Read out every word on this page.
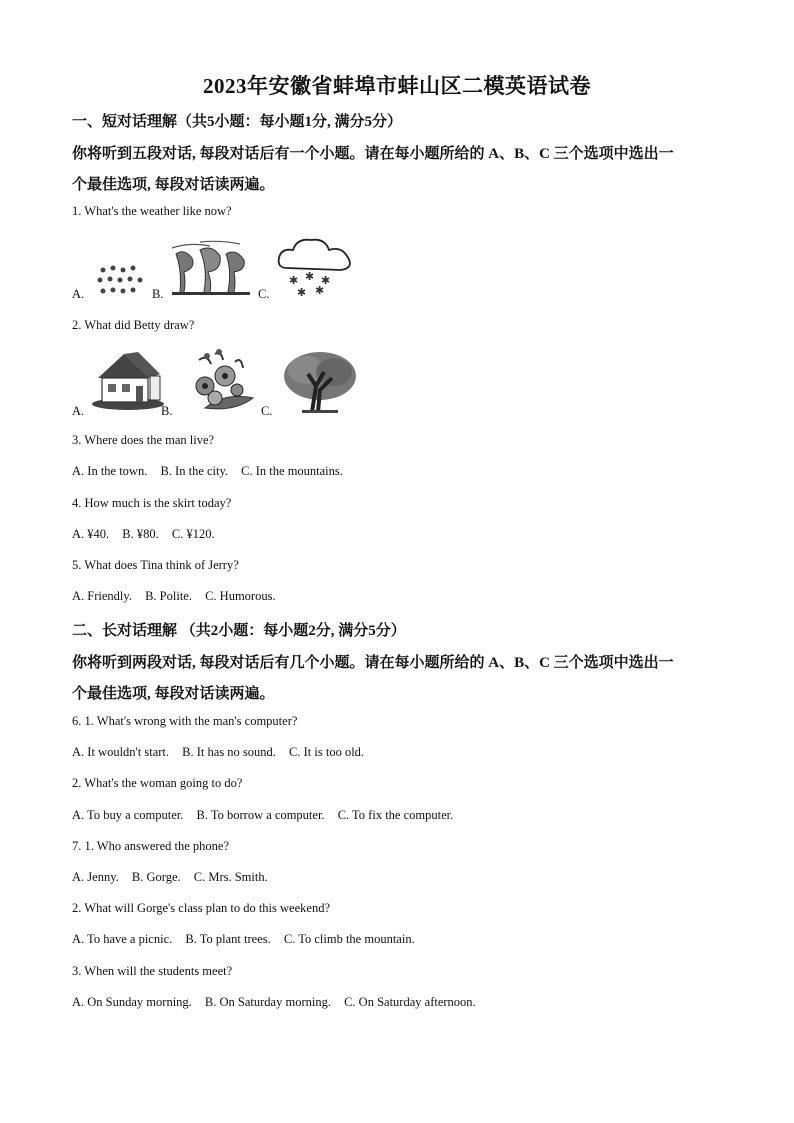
2023年安徽省蚌埠市蚌山区二模英语试卷
一、短对话理解（共5小题：每小题1分, 满分5分）
你将听到五段对话, 每段对话后有一个小题。请在每小题所给的 A、B、C 三个选项中选出一
个最佳选项, 每段对话读两遍。
1. What's the weather like now?
A.	B.	C.
✱ ✱ ✱
✱ ✱
2. What did Betty draw?
A.	B.	C.
3. Where does the man live?
A. In the town. B. In the city. C. In the mountains.
4. How much is the skirt today?
A. ¥40. B. ¥80. C. ¥120.
5. What does Tina think of Jerry?
A. Friendly. B. Polite. C. Humorous.
二、长对话理解 （共2小题：每小题2分, 满分5分）
你将听到两段对话, 每段对话后有几个小题。请在每小题所给的 A、B、C 三个选项中选出一
个最佳选项, 每段对话读两遍。
6. 1. What's wrong with the man's computer?
A. It wouldn't start. B. It has no sound. C. It is too old.
2. What's the woman going to do?
A. To buy a computer. B. To borrow a computer. C. To fix the computer.
7. 1. Who answered the phone?
A. Jenny. B. Gorge. C. Mrs. Smith.
2. What will Gorge's class plan to do this weekend?
A. To have a picnic. B. To plant trees. C. To climb the mountain.
3. When will the students meet?
A. On Sunday morning. B. On Saturday morning. C. On Saturday afternoon.
